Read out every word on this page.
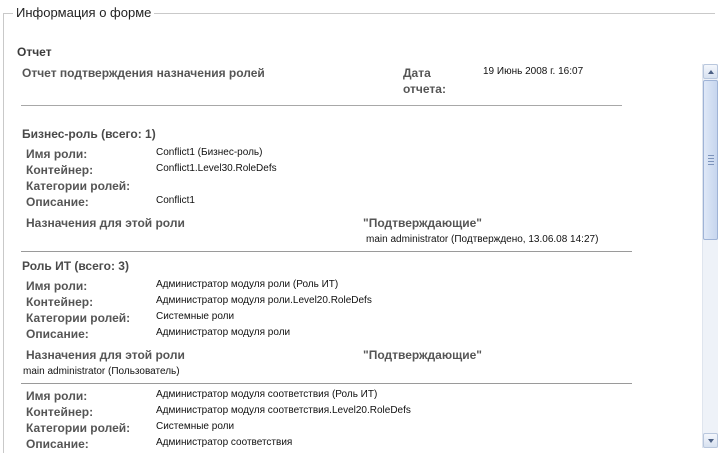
Информация о форме
Отчет
Отчет подтверждения назначения ролей	Дата
отчета:
19 Июнь 2008 г. 16:07
Бизнес-роль (всего: 1)
Имя роли:	Conflict1 (Бизнес-роль)
Контейнер:	Conflict1.Level30.RoleDefs
Категории ролей:
Описание:	Conflict1
Назначения для этой роли	"Подтверждающие"
main administrator (Подтверждено, 13.06.08 14:27)
Роль ИТ (всего: 3)
Имя роли:	Администратор модуля роли (Роль ИТ)
Контейнер:	Администратор модуля роли.Level20.RoleDefs
Категории ролей:	Системные роли
Описание:	Администратор модуля роли
Назначения для этой роли	"Подтверждающие"
main administrator (Пользователь)
Имя роли:	Администратор модуля соответствия (Роль ИТ)
Контейнер:	Администратор модуля соответствия.Level20.RoleDefs
Категории ролей:	Системные роли
Описание:	Администратор соответствия
